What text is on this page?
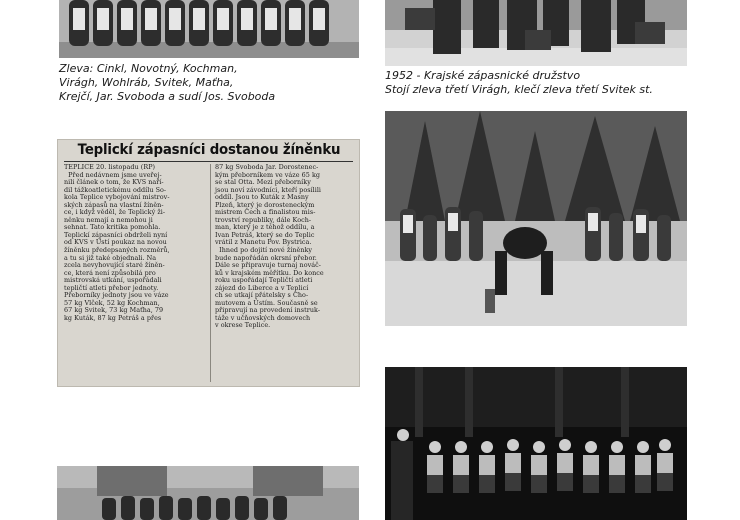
Zleva: Cinkl, Novotný, Kochman,
Virágh, Wohlráb, Svitek, Maťha,
Krejčí, Jar. Svoboda a sudí Jos. Svoboda
1952 - Krajské zápasnické družstvo
Stojí zleva třetí Virágh, klečí zleva třetí Svitek st.
Teplickí zápasníci dostanou žíněnku
TEPLICE 20. listopadu (RP)
Před nedávnem jsme uveřej-
nili článek o tom, že KVS naří-
dil tážkoatletickému oddílu So-
kola Teplice vybojování mistrov-
ských zápasů na vlastní žíněn-
ce, i když věděl, že Teplický ži-
něnku nemají a nemohou ji
sehnat. Tato kritika pomohla.
Teplickí zápasníci obdrželi nyní
od KVS v Ústí poukaz na novou
žíněnku předepsaných rozměrů,
a tu si již také objednali. Na
zcela nevyhovující staré žíněn-
ce, která není způsobilá pro
mistrovská utkání, uspořádali
tepličtí atleti přebor jednoty.
Přeborníky jednoty jsou ve váze
57 kg Vlček, 52 kg Kochman,
67 kg Svitek, 73 kg Maťha, 79
kg Kuták, 87 kg Petráš a přes
87 kg Svoboda Jar. Dorostenec-
kým přeborníkem ve váze 65 kg
se stal Otta. Mezi přeborníky
jsou noví závodníci, kteří posílili
oddíl. Jsou to Kuták z Masny
Plzeň, který je dorosteneckým
mistrem Čech a finalistou mis-
trovství republiky, dále Koch-
man, který je z téhož oddílu, a
Ivan Petráš, který se do Teplic
vrátil z Manetu Pov. Bystrica.
Ihned po dojití nové žíněnky
bude napořádán okrsní přebor.
Dále se připravuje turnaj nováč-
ků v krajském měřítku. Do konce
roku uspořádají Tepličtí atleti
zájezd do Liberce a v Teplicí
ch se utkají přátelsky s Cho-
mutovem a Ústím. Současně se
připravují na provedení instruk-
táže v učňovských domovech
v okrese Teplice.
